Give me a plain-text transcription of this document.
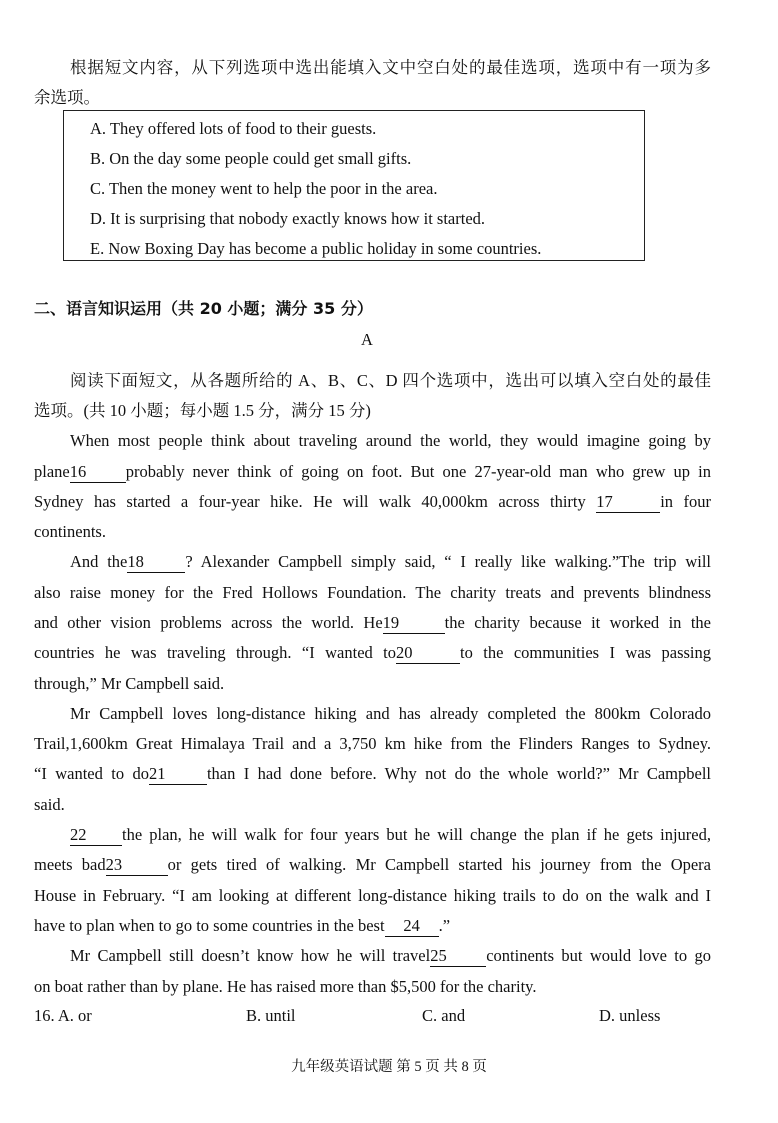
根据短文内容，从下列选项中选出能填入文中空白处的最佳选项，选项中有一项为多
余选项。
A. They offered lots of food to their guests.
B. On the day some people could get small gifts.
C. Then the money went to help the poor in the area.
D. It is surprising that nobody exactly knows how it started.
E. Now Boxing Day has become a public holiday in some countries.
二、语言知识运用（共 20 小题；满分 35 分）
A
阅读下面短文，从各题所给的 A、B、C、D 四个选项中，选出可以填入空白处的最佳
选项。(共 10 小题；每小题 1.5 分，满分 15 分)
When most people think about traveling around the world, they would imagine going by
plane16 probably never think of going on foot. But one 27-year-old man who grew up in
Sydney has started a four-year hike. He will walk 40,000km across thirty 17	in four
continents.
And the18	? Alexander Campbell simply said, “ I really like walking.”The trip will
also raise money for the Fred Hollows Foundation. The charity treats and prevents blindness
and other vision problems across the world. He19	the charity because it worked in the
countries he was traveling through. “I wanted to20	to the communities I was passing
through,” Mr Campbell said.
Mr Campbell loves long-distance hiking and has already completed the 800km Colorado
Trail,1,600km Great Himalaya Trail and a 3,750 km hike from the Flinders Ranges to Sydney.
“I wanted to do21	than I had done before. Why not do the whole world?” Mr Campbell
said.
22 the plan, he will walk for four years but he will change the plan if he gets injured,
meets bad23	or gets tired of walking. Mr Campbell started his journey from the Opera
House in February. “I am looking at different long-distance hiking trails to do on the walk and I
have to plan when to go to some countries in the best 24 .”
Mr Campbell still doesn’t know how he will travel25 continents but would love to go
on boat rather than by plane. He has raised more than $5,500 for the charity.
16. A. or	B. until	C. and	D. unless
九年级英语试题 第 5 页 共 8 页
